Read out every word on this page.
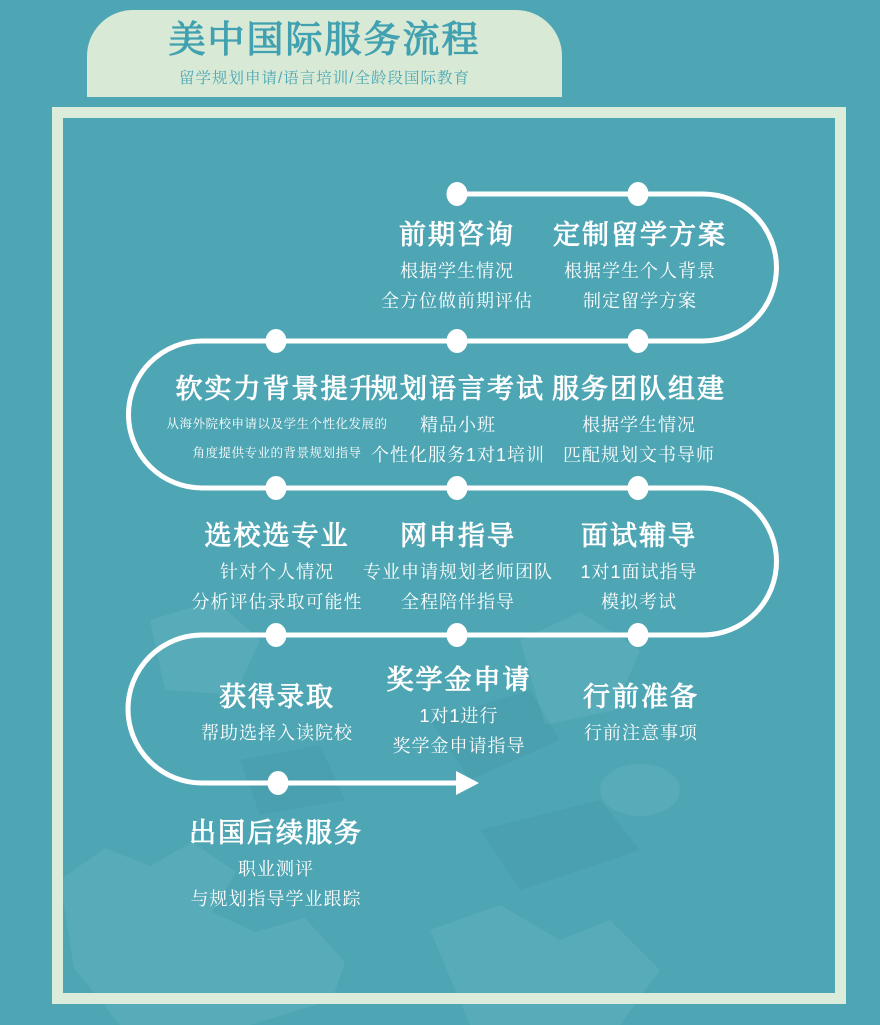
美中国际服务流程
留学规划申请/语言培训/全龄段国际教育
前期咨询
根据学生情况
全方位做前期评估
定制留学方案
根据学生个人背景
制定留学方案
软实力背景提升
从海外院校申请以及学生个性化发展的
角度提供专业的背景规划指导
规划语言考试
精品小班
个性化服务1对1培训
服务团队组建
根据学生情况
匹配规划文书导师
选校选专业
针对个人情况
分析评估录取可能性
网申指导
专业申请规划老师团队
全程陪伴指导
面试辅导
1对1面试指导
模拟考试
获得录取
帮助选择入读院校
奖学金申请
1对1进行
奖学金申请指导
行前准备
行前注意事项
出国后续服务
职业测评
与规划指导学业跟踪
